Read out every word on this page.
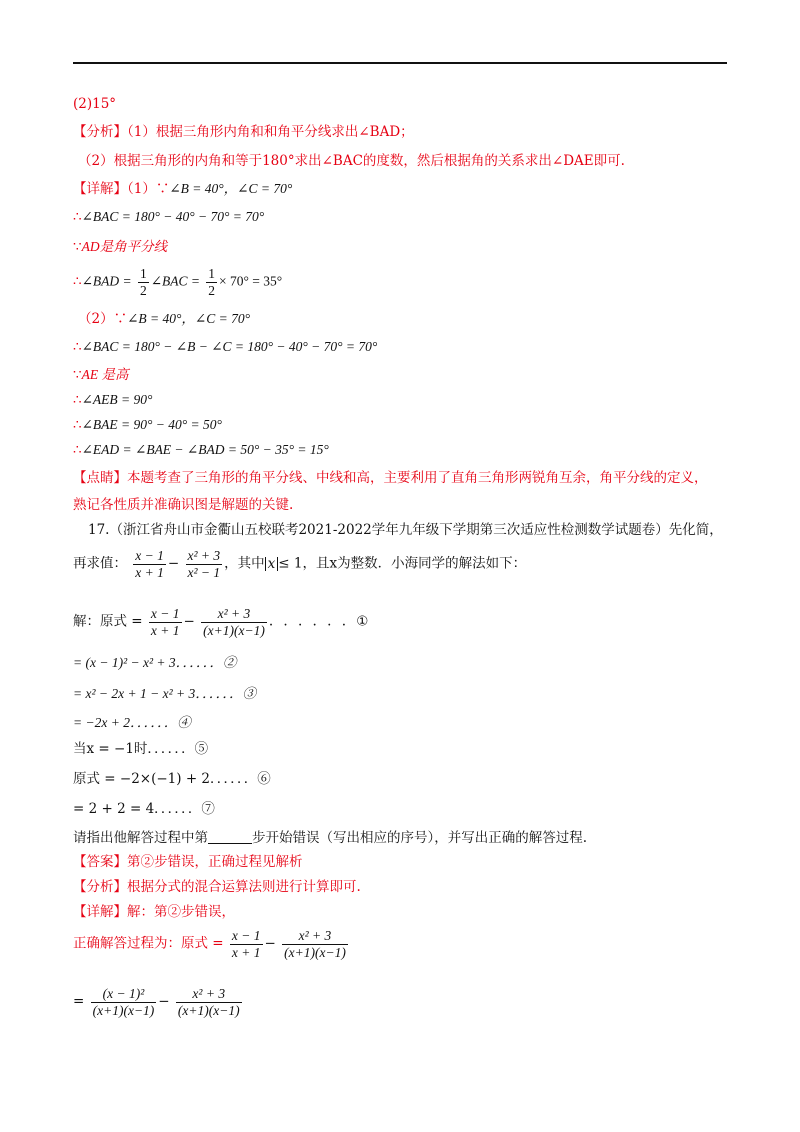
(2)15°
【分析】（1）根据三角形内角和和角平分线求出∠BAD；
（2）根据三角形的内角和等于180°求出∠BAC的度数，然后根据角的关系求出∠DAE即可.
【详解】（1）∵∠B = 40°，∠C = 70°
∴∠BAC = 180° − 40° − 70° = 70°
∵AD是角平分线
∴∠BAD = $\frac{1}{2}$ ∠BAC = $\frac{1}{2} \times 70^\circ = 35^\circ$
（2）∵∠B = 40°，∠C = 70°
∴∠BAC = 180° − ∠B − ∠C = 180° − 40° − 70° = 70°
∵AE 是高
∴∠AEB = 90°
∴∠BAE = 90° − 40° = 50°
∴∠EAD = ∠BAE − ∠BAD = 50° − 35° = 15°
【点睛】本题考查了三角形的角平分线、中线和高，主要利用了直角三角形两锐角互余，角平分线的定义，
熟记各性质并准确识图是解题的关键.
17.（浙江省舟山市金衢山五校联考2021-2022学年九年级下学期第三次适应性检测数学试题卷）先化简，
再求值： $\frac{x - 1}{x + 1} - \frac{\text{x² + 3}}{\text{x² − 1}}$ ，其中 x ≤ 1，且x为整数．小海同学的解法如下：
解：原式 = $\frac{x - 1}{x + 1} - \frac{\text{x² + 3}}{(x+1)(x-1)}$ . . . . . . ①
= (x − 1)² − x² + 3．．．．．．②
= x² − 2x + 1 − x² + 3．．．．．．③
= −2x + 2．．．．．．④
当x = −1时．．．．．．⑤
原式 = −2×(−1) + 2．．．．．．⑥
= 2 + 2 = 4．．．．．．⑦
请指出他解答过程中第	步开始错误（写出相应的序号），并写出正确的解答过程.
【答案】第②步错误，正确过程见解析
【分析】根据分式的混合运算法则进行计算即可.
【详解】解：第②步错误，
正确解答过程为：原式 = $\frac{x - 1}{x + 1} - \frac{\text{x² + 3}}{(x+1)(x-1)}$
= $\frac{\text{(x − 1)²}}{(x+1)(x-1)} - \frac{\text{x² + 3}}{(x+1)(x-1)}$
